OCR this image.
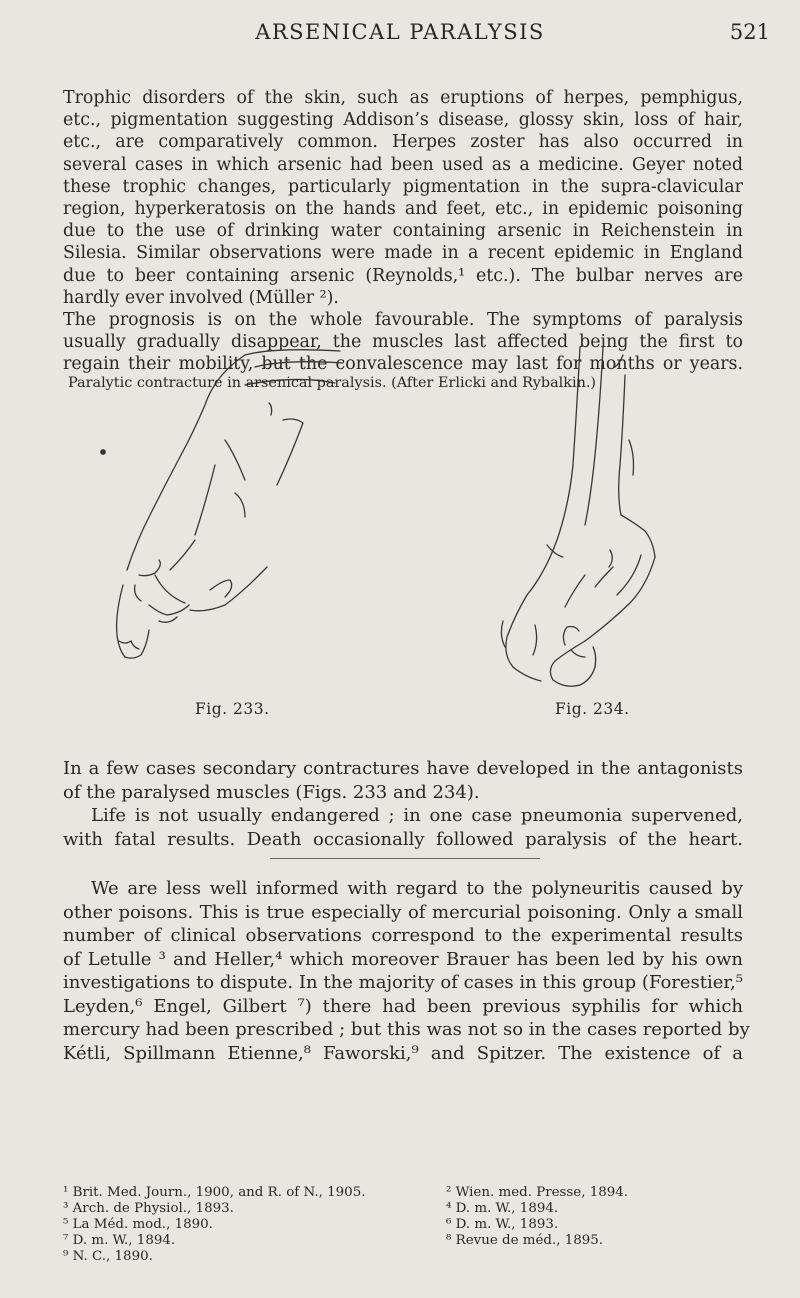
ARSENICAL PARALYSIS	521
Trophic disorders of the skin, such as eruptions of herpes, pemphigus,
etc., pigmentation suggesting Addison’s disease, glossy skin, loss of hair,
etc., are comparatively common. Herpes zoster has also occurred in
several cases in which arsenic had been used as a medicine. Geyer noted
these trophic changes, particularly pigmentation in the supra-clavicular
region, hyperkeratosis on the hands and feet, etc., in epidemic poisoning
due to the use of drinking water containing arsenic in Reichenstein in
Silesia. Similar observations were made in a recent epidemic in England
due to beer containing arsenic (Reynolds,¹ etc.). The bulbar nerves are
hardly ever involved (Müller ²).
The prognosis is on the whole favourable. The symptoms of paralysis
usually gradually disappear, the muscles last affected being the first to
regain their mobility, but the convalescence may last for months or years.
Fig. 233.	Fig. 234.
Paralytic contracture in arsenical paralysis. (After Erlicki and Rybalkin.)
In a few cases secondary contractures have developed in the antagonists
of the paralysed muscles (Figs. 233 and 234).
Life is not usually endangered ; in one case pneumonia supervened,
with fatal results. Death occasionally followed paralysis of the heart.
We are less well informed with regard to the polyneuritis caused by
other poisons. This is true especially of mercurial poisoning. Only a small
number of clinical observations correspond to the experimental results
of Letulle ³ and Heller,⁴ which moreover Brauer has been led by his own
investigations to dispute. In the majority of cases in this group (Forestier,⁵
Leyden,⁶ Engel, Gilbert ⁷) there had been previous syphilis for which
mercury had been prescribed ; but this was not so in the cases reported by
Kétli, Spillmann Etienne,⁸ Faworski,⁹ and Spitzer. The existence of a
¹ Brit. Med. Journ., 1900, and R. of N., 1905.	² Wien. med. Presse, 1894.
³ Arch. de Physiol., 1893.	⁴ D. m. W., 1894.
⁵ La Méd. mod., 1890.	⁶ D. m. W., 1893.
⁷ D. m. W., 1894.	⁸ Revue de méd., 1895.
⁹ N. C., 1890.
